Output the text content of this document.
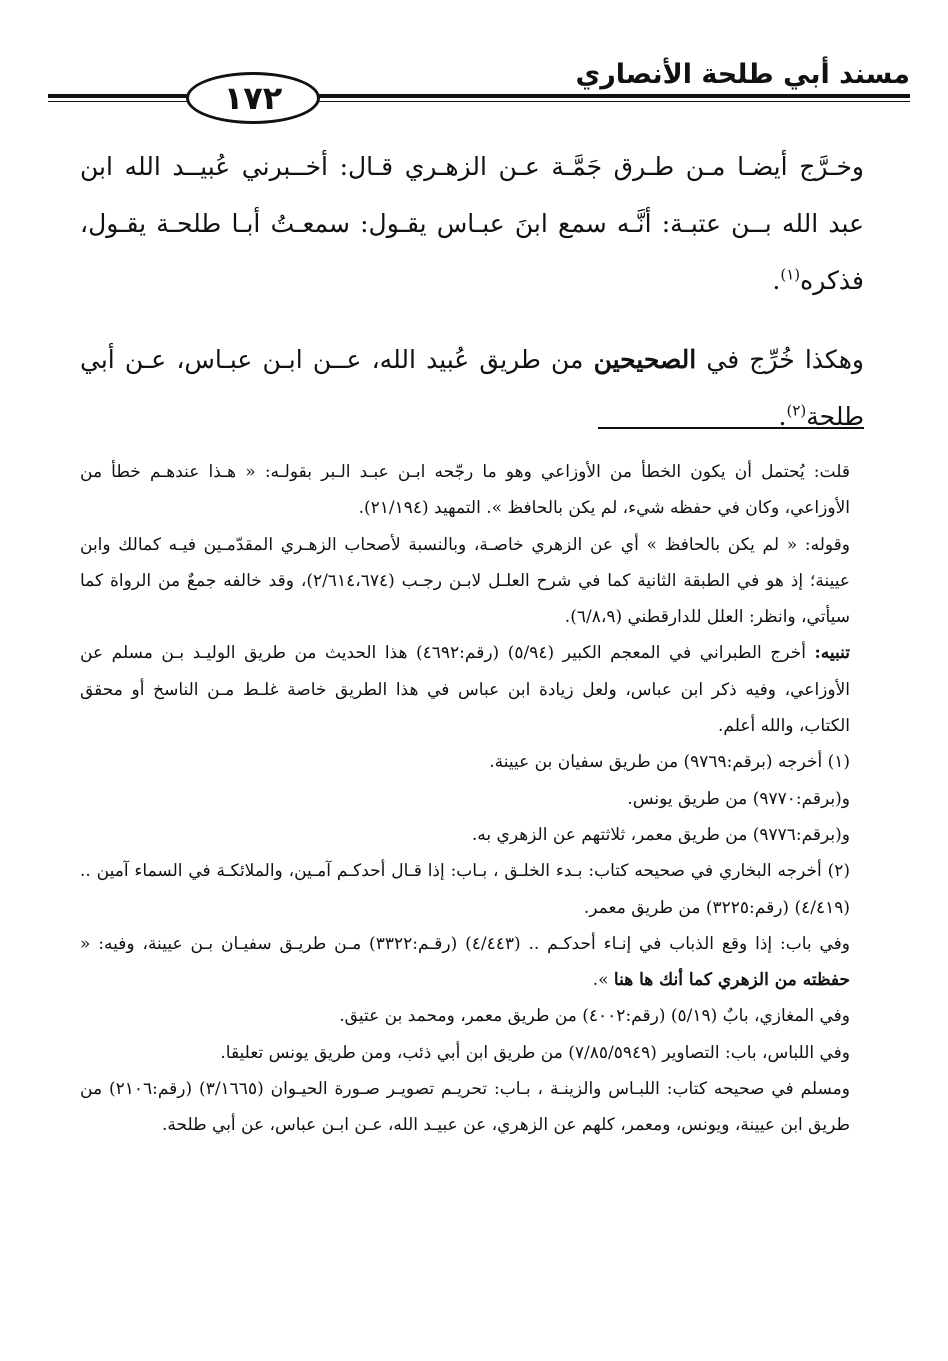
مسند أبي طلحة الأنصاري
١٧٢

وخـرَّج أيضـا مـن طـرق جَمَّـة عـن الزهـري قـال: أخــبرني عُبيــد الله ابن عبد الله بــن عتبـة: أنَّـه سمع ابنَ عبـاس يقـول: سمعـتُ أبـا طلحـة يقـول، فذكره$^{(١)}$.

وهكذا خُرِّج في الصحيحين من طريق عُبيد الله، عــن ابـن عبـاس، عـن أبي طلحة$^{(٢)}$.

قلت: يُحتمل أن يكون الخطأ من الأوزاعي وهو ما رجّحه ابـن عبـد الـبر بقولـه: « هـذا عندهـم خطأ من الأوزاعي، وكان في حفظه شيء، لم يكن بالحافظ ». التمهيد (٢١/١٩٤).

وقوله: « لم يكن بالحافظ » أي عن الزهري خاصـة، وبالنسبة لأصحاب الزهـري المقدّمـين فيـه كمالك وابن عيينة؛ إذ هو في الطبقة الثانية كما في شرح العلـل لابـن رجـب (٢/٦١٤،٦٧٤)، وقد خالفه جمعٌ من الرواة كما سيأتي، وانظر: العلل للدارقطني (٦/٨،٩).

تنبيه: أخرج الطبراني في المعجم الكبير (٥/٩٤) (رقم:٤٦٩٢) هذا الحديث من طريق الوليـد بـن مسلم عن الأوزاعي، وفيه ذكر ابن عباس، ولعل زيادة ابن عباس في هذا الطريق خاصة غلـط مـن الناسخ أو محقق الكتاب، والله أعلم.

(١) أخرجه (برقم:٩٧٦٩) من طريق سفيان بن عيينة.

و(برقم:٩٧٧٠) من طريق يونس.

و(برقم:٩٧٧٦) من طريق معمر، ثلاثتهم عن الزهري به.

(٢) أخرجه البخاري في صحيحه كتاب: بـدء الخلـق ، بـاب: إذا قـال أحدكـم آمـين، والملائكـة في السماء آمين .. (٤/٤١٩) (رقم:٣٢٢٥) من طريق معمر.

وفي باب: إذا وقع الذباب في إنـاء أحدكـم .. (٤/٤٤٣) (رقـم:٣٣٢٢) مـن طريـق سفيـان بـن عيينة، وفيه: « حفظته من الزهري كما أنك ها هنا ».

وفي المغازي، بابٌ (٥/١٩) (رقم:٤٠٠٢) من طريق معمر، ومحمد بن عتيق.

وفي اللباس، باب: التصاوير (٧/٨٥/٥٩٤٩) من طريق ابن أبي ذئب، ومن طريق يونس تعليقا.

ومسلم في صحيحه كتاب: اللبـاس والزينـة ، بـاب: تحريـم تصويـر صـورة الحيـوان (٣/١٦٦٥) (رقم:٢١٠٦) من طريق ابن عيينة، ويونس، ومعمر، كلهم عن الزهري، عن عبيـد الله، عـن ابـن عباس، عن أبي طلحة.
